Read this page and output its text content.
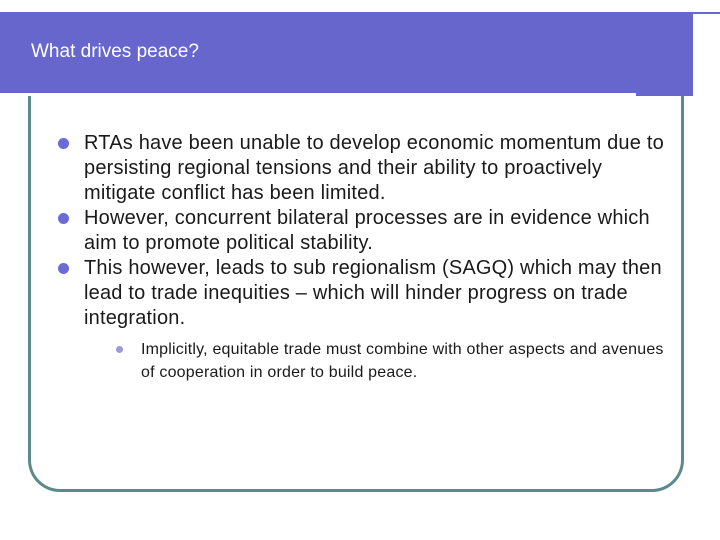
What drives peace?
RTAs have been unable to develop economic momentum due to persisting regional tensions and their ability to proactively mitigate conflict has been limited.
However, concurrent bilateral processes are in evidence which aim to promote political stability.
This however, leads to sub regionalism (SAGQ) which may then lead to trade inequities – which will hinder progress on trade integration.
Implicitly, equitable trade must combine with other aspects and avenues of cooperation in order to build peace.
